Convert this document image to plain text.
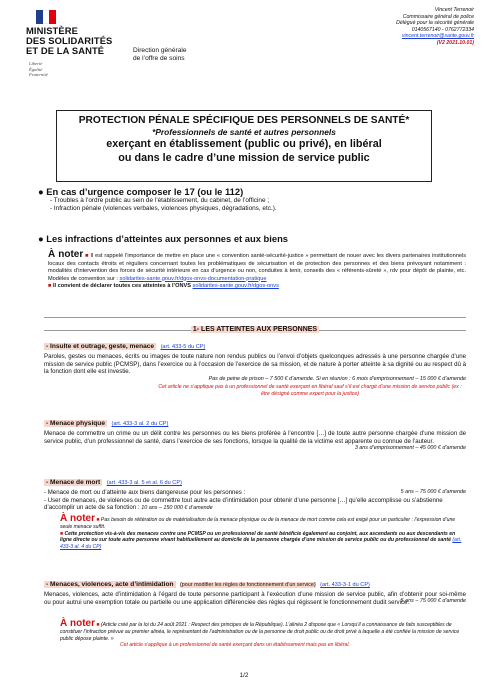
MINISTÈRE
DES SOLIDARITÉS
ET DE LA SANTÉ
Liberté
Égalité
Fraternité
Direction générale
de l’offre de soins
Vincent Terrenoir
Commissaire général de police
Délégué pour la sécurité générale
0140567140 - 0762772334
vincent.terrenoir@sante.gouv.fr
(V2 2021.10.01)
PROTECTION PÉNALE SPÉCIFIQUE DES PERSONNELS DE SANTÉ*
*Professionnels de santé et autres personnels
exerçant en établissement (public ou privé), en libéral
ou dans le cadre d’une mission de service public
● En cas d’urgence composer le 17 (ou le 112)
- Troubles à l’ordre public au sein de l’établissement, du cabinet, de l’officine ;
- Infraction pénale (violences verbales, violences physiques, dégradations, etc.).
● Les infractions d’atteintes aux personnes et aux biens
À noter ■ Il est rappelé l’importance de mettre en place une « convention santé-sécurité-justice » permettant de nouer avec les divers partenaires institutionnels locaux des contacts étroits et réguliers concernant toutes les problématiques de sécurisation et de protection des personnes et des biens prévoyant notamment : modalités d’intervention des forces de sécurité intérieure en cas d’urgence ou non, conduites à tenir, conseils des « référents-sûreté », rdv pour dépôt de plainte, etc. Modèles de convention sur : solidarites-sante.gouv.fr/dgos-onvs-documentation-pratique
■ Il convient de déclarer toutes ces atteintes à l’ONVS solidarites-sante.gouv.fr/dgos-onvs
1- LES ATTEINTES AUX PERSONNES
- Insulte et outrage, geste, menace (art. 433-5 du CP)
Paroles, gestes ou menaces, écrits ou images de toute nature non rendus publics ou l’envoi d’objets quelconques adressés à une personne chargée d’une mission de service public (PCMSP), dans l’exercice ou à l’occasion de l’exercice de sa mission, et de nature à porter atteinte à sa dignité ou au respect dû à la fonction dont elle est investie.
Pas de peine de prison – 7 500 € d’amende. Si en réunion : 6 mois d’emprisonnement – 15 000 € d’amende
Cet article ne s’applique pas à un professionnel de santé exerçant en libéral sauf s’il est chargé d’une mission de service public (ex : être désigné comme expert pour la justice)
- Menace physique (art. 433-3 al. 2 du CP)
Menace de commettre un crime ou un délit contre les personnes ou les biens proférée à l’encontre […] de toute autre personne chargée d’une mission de service public, d’un professionnel de santé, dans l’exercice de ses fonctions, lorsque la qualité de la victime est apparente ou connue de l’auteur.
3 ans d’emprisonnement – 45 000 € d’amende
- Menace de mort (art. 433-3 al. 5 et al. 6 du CP)
- Menace de mort ou d’atteinte aux biens dangereuse pour les personnes :	5 ans – 75 000 € d’amende
- User de menaces, de violences ou de commettre tout autre acte d’intimidation pour obtenir d’une personne […] qu’elle accomplisse ou s’abstienne d’accomplir un acte de sa fonction : 10 ans – 150 000 € d’amende
À noter ■ Pas besoin de réitération ou de matérialisation de la menace physique ou de la menace de mort comme cela est exigé pour un particulier : l’expression d’une seule menace suffit.
■ Cette protection vis-à-vis des menaces contre une PCMSP ou un professionnel de santé bénéficie également au conjoint, aux ascendants ou aux descendants en ligne directe ou sur toute autre personne vivant habituellement au domicile de la personne chargée d’une mission de service public ou du professionnel de santé (art. 433-3 al. 4 du CP)
- Menaces, violences, acte d’intimidation (pour modifier les règles de fonctionnement d’un service) (art. 433-3-1 du CP)
Menaces, violences, acte d’intimidation à l’égard de toute personne participant à l’exécution d’une mission de service public, afin d’obtenir pour soi-même ou pour autrui une exemption totale ou partielle ou une application différenciée des règles qui régissent le fonctionnement dudit service.
5 ans – 75 000 € d’amende
À noter ■ (Article créé par la loi du 24 août 2021 : Respect des principes de la République). L’alinéa 2 dispose que « Lorsqu’il a connaissance de faits susceptibles de constituer l’infraction prévue au premier alinéa, le représentant de l’administration ou de la personne de droit public ou de droit privé à laquelle a été confiée la mission de service public dépose plainte. »
Cet article s’applique à un professionnel de santé exerçant dans un établissement mais pas en libéral.
1/2
